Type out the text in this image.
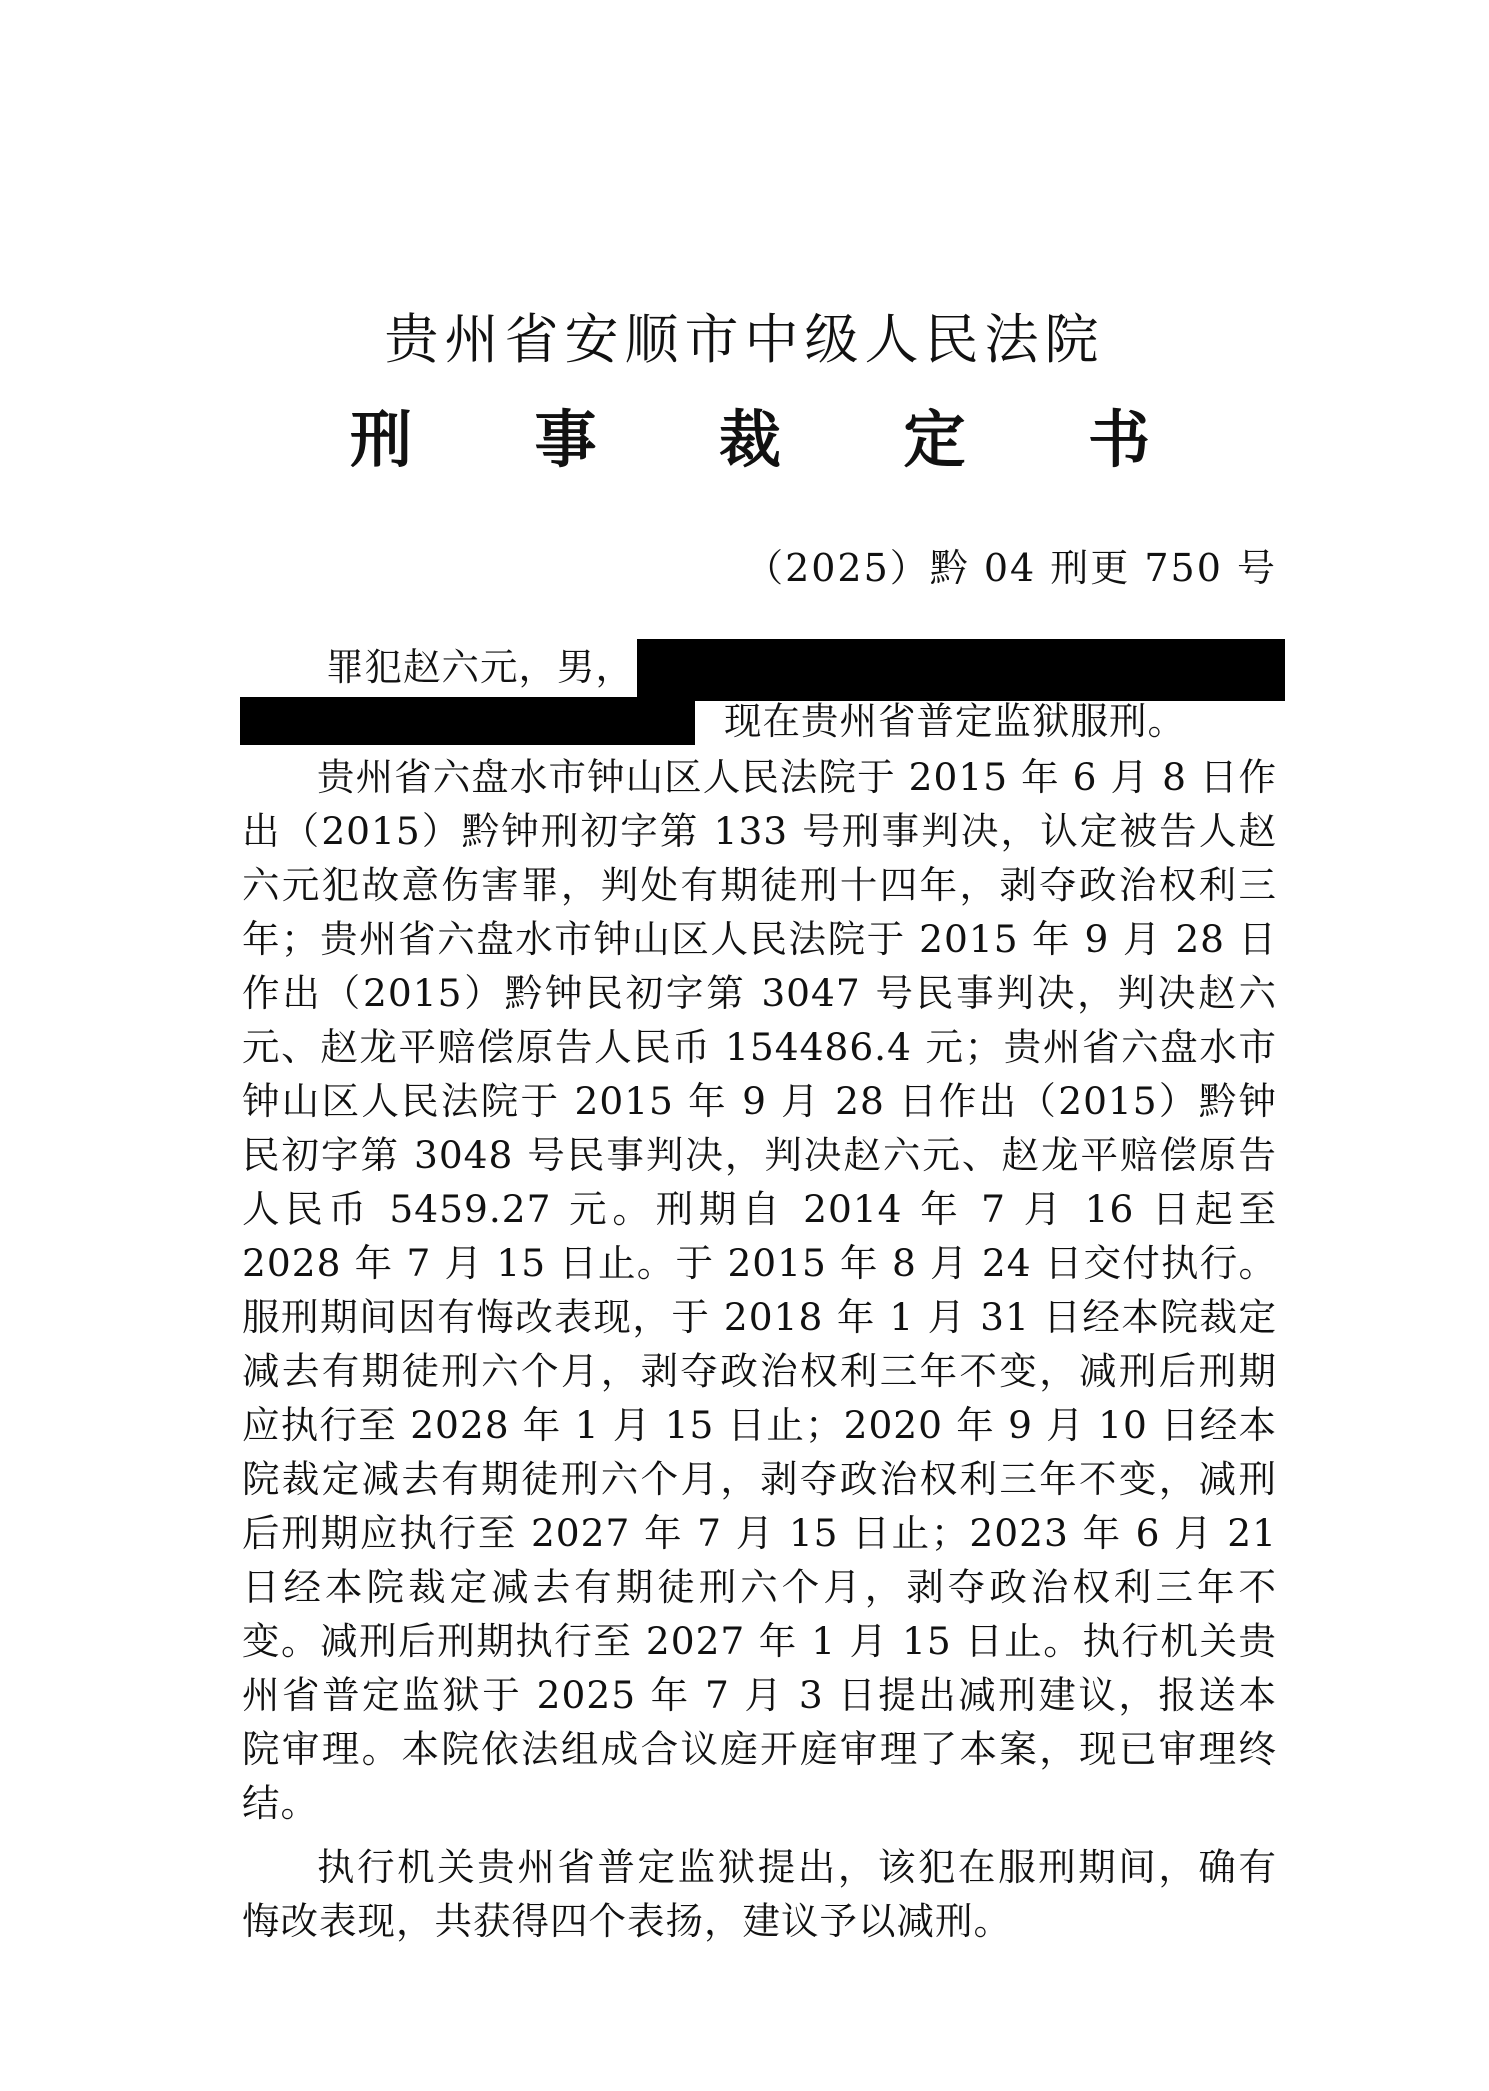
贵州省安顺市中级人民法院
刑 事 裁 定 书
（2025）黔 04 刑更 750 号
罪犯赵六元，男，
现在贵州省普定监狱服刑。

贵州省六盘水市钟山区人民法院于 2015 年 6 月 8 日作出（2015）黔钟刑初字第 133 号刑事判决，认定被告人赵六元犯故意伤害罪，判处有期徒刑十四年，剥夺政治权利三年；贵州省六盘水市钟山区人民法院于 2015 年 9 月 28 日作出（2015）黔钟民初字第 3047 号民事判决，判决赵六元、赵龙平赔偿原告人民币 154486.4 元；贵州省六盘水市钟山区人民法院于 2015 年 9 月 28 日作出（2015）黔钟民初字第 3048 号民事判决，判决赵六元、赵龙平赔偿原告人民币 5459.27 元。刑期自 2014 年 7 月 16 日起至 2028 年 7 月 15 日止。于 2015 年 8 月 24 日交付执行。服刑期间因有悔改表现，于 2018 年 1 月 31 日经本院裁定减去有期徒刑六个月，剥夺政治权利三年不变，减刑后刑期应执行至 2028 年 1 月 15 日止；2020 年 9 月 10 日经本院裁定减去有期徒刑六个月，剥夺政治权利三年不变，减刑后刑期应执行至 2027 年 7 月 15 日止；2023 年 6 月 21 日经本院裁定减去有期徒刑六个月，剥夺政治权利三年不变。减刑后刑期执行至 2027 年 1 月 15 日止。执行机关贵州省普定监狱于 2025 年 7 月 3 日提出减刑建议，报送本院审理。本院依法组成合议庭开庭审理了本案，现已审理终结。

执行机关贵州省普定监狱提出，该犯在服刑期间，确有悔改表现，共获得四个表扬，建议予以减刑。
